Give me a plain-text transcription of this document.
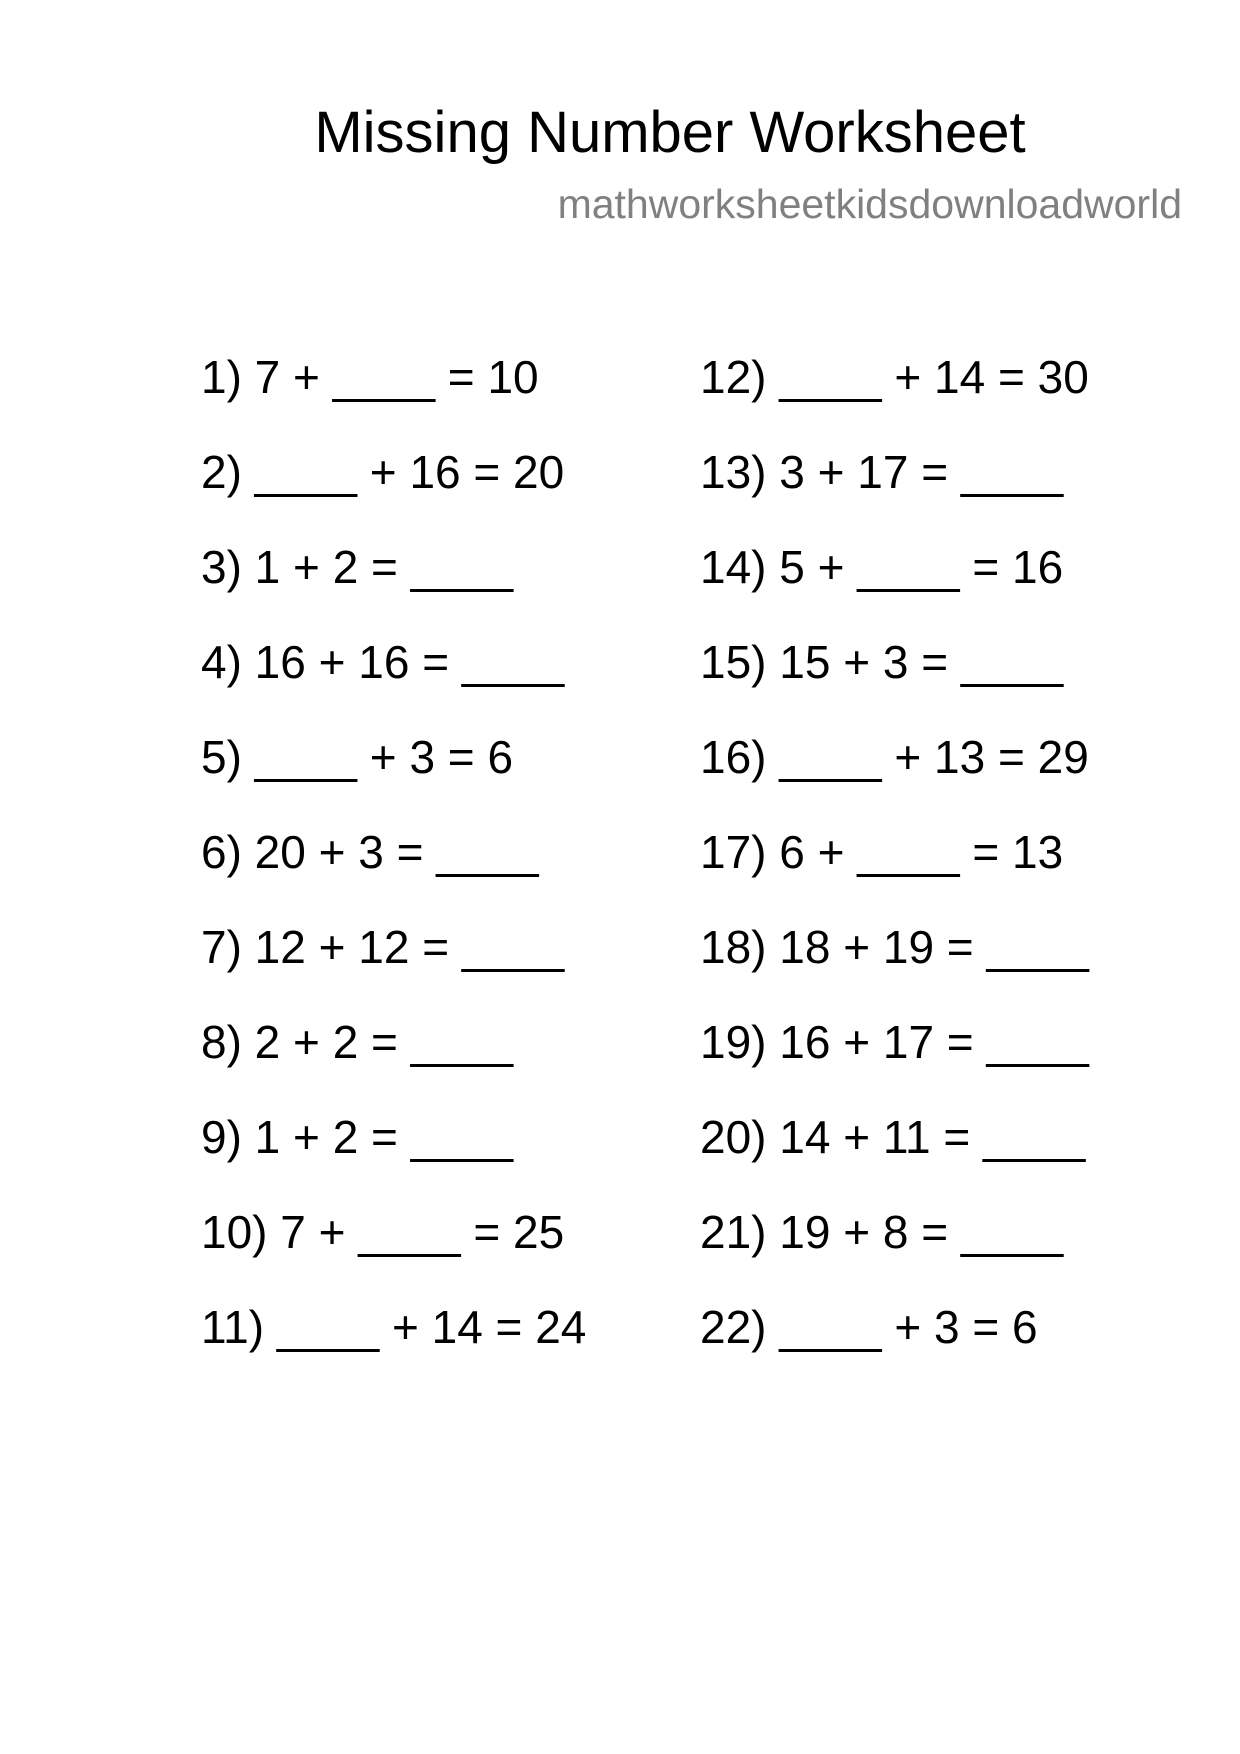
Missing Number Worksheet
mathworksheetkidsdownloadworld
1) 7 + ____ = 10
2) ____ + 16 = 20
3) 1 + 2 = ____
4) 16 + 16 = ____
5) ____ + 3 = 6
6) 20 + 3 = ____
7) 12 + 12 = ____
8) 2 + 2 = ____
9) 1 + 2 = ____
10) 7 + ____ = 25
11) ____ + 14 = 24
12) ____ + 14 = 30
13) 3 + 17 = ____
14) 5 + ____ = 16
15) 15 + 3 = ____
16) ____ + 13 = 29
17) 6 + ____ = 13
18) 18 + 19 = ____
19) 16 + 17 = ____
20) 14 + 11 = ____
21) 19 + 8 = ____
22) ____ + 3 = 6
